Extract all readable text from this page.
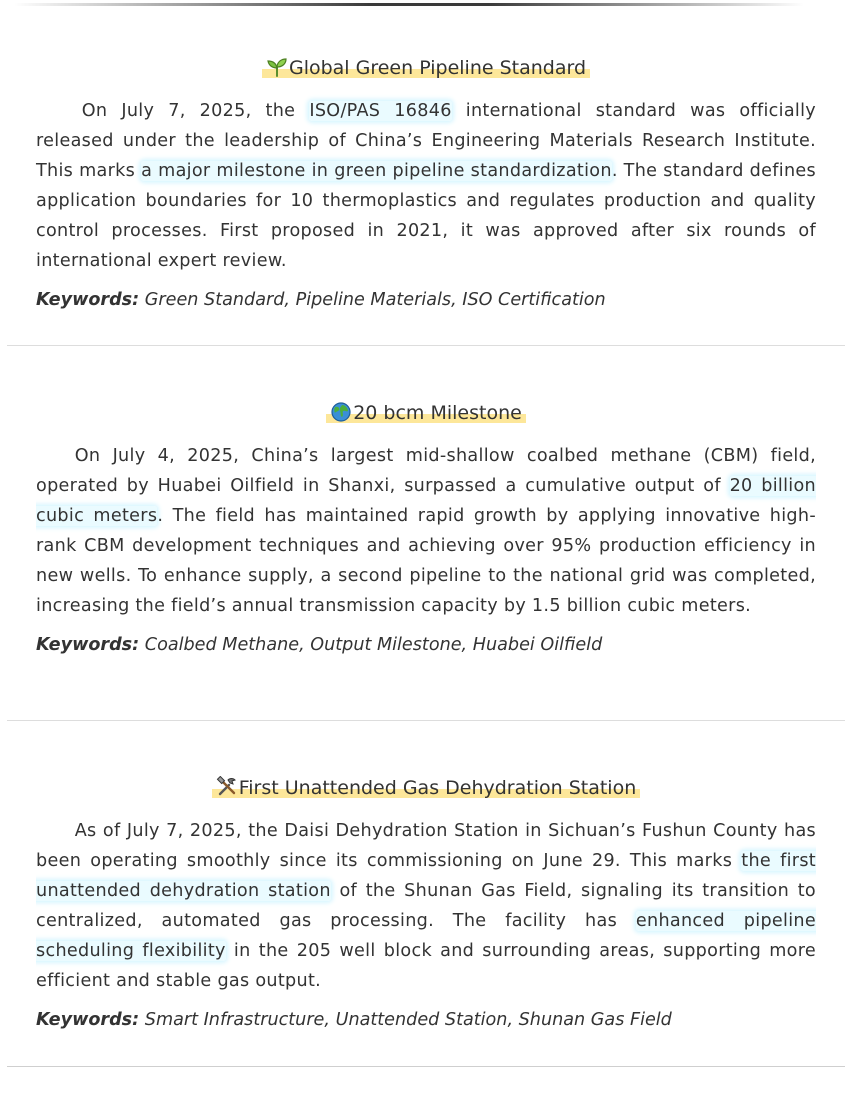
Global Green Pipeline Standard

On July 7, 2025, the ISO/PAS 16846 international standard was officially released under the leadership of China’s Engineering Materials Research Institute. This marks a major milestone in green pipeline standardization. The standard defines application boundaries for 10 thermoplastics and regulates production and quality control processes. First proposed in 2021, it was approved after six rounds of international expert review.

Keywords: Green Standard, Pipeline Materials, ISO Certification
20 bcm Milestone

On July 4, 2025, China’s largest mid-shallow coalbed methane (CBM) field, operated by Huabei Oilfield in Shanxi, surpassed a cumulative output of 20 billion cubic meters. The field has maintained rapid growth by applying innovative high-rank CBM development techniques and achieving over 95% production efficiency in new wells. To enhance supply, a second pipeline to the national grid was completed, increasing the field’s annual transmission capacity by 1.5 billion cubic meters.

Keywords: Coalbed Methane, Output Milestone, Huabei Oilfield
First Unattended Gas Dehydration Station

As of July 7, 2025, the Daisi Dehydration Station in Sichuan’s Fushun County has been operating smoothly since its commissioning on June 29. This marks the first unattended dehydration station of the Shunan Gas Field, signaling its transition to centralized, automated gas processing. The facility has enhanced pipeline scheduling flexibility in the 205 well block and surrounding areas, supporting more efficient and stable gas output.

Keywords: Smart Infrastructure, Unattended Station, Shunan Gas Field
